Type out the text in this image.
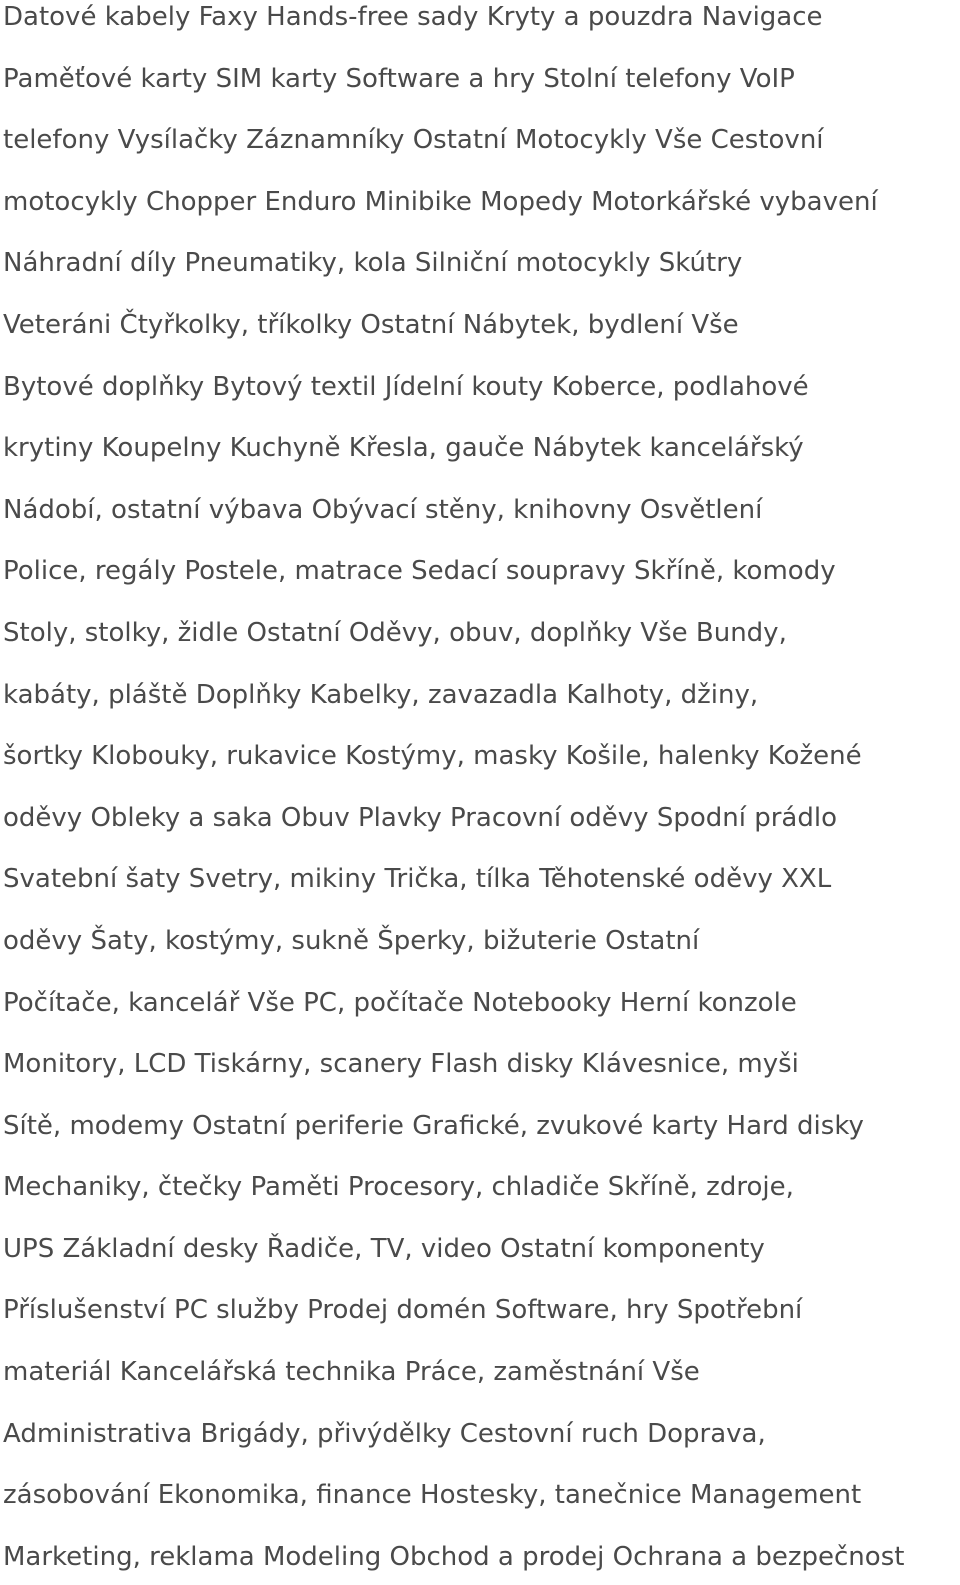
Datové kabely Faxy Hands-free sady Kryty a pouzdra Navigace
Paměťové karty SIM karty Software a hry Stolní telefony VoIP
telefony Vysílačky Záznamníky Ostatní Motocykly Vše Cestovní
motocykly Chopper Enduro Minibike Mopedy Motorkářské vybavení
Náhradní díly Pneumatiky, kola Silniční motocykly Skútry
Veteráni Čtyřkolky, tříkolky Ostatní Nábytek, bydlení Vše
Bytové doplňky Bytový textil Jídelní kouty Koberce, podlahové
krytiny Koupelny Kuchyně Křesla, gauče Nábytek kancelářský
Nádobí, ostatní výbava Obývací stěny, knihovny Osvětlení
Police, regály Postele, matrace Sedací soupravy Skříně, komody
Stoly, stolky, židle Ostatní Oděvy, obuv, doplňky Vše Bundy,
kabáty, pláště Doplňky Kabelky, zavazadla Kalhoty, džiny,
šortky Klobouky, rukavice Kostýmy, masky Košile, halenky Kožené
oděvy Obleky a saka Obuv Plavky Pracovní oděvy Spodní prádlo
Svatební šaty Svetry, mikiny Trička, tílka Těhotenské oděvy XXL
oděvy Šaty, kostýmy, sukně Šperky, bižuterie Ostatní
Počítače, kancelář Vše PC, počítače Notebooky Herní konzole
Monitory, LCD Tiskárny, scanery Flash disky Klávesnice, myši
Sítě, modemy Ostatní periferie Grafické, zvukové karty Hard disky
Mechaniky, čtečky Paměti Procesory, chladiče Skříně, zdroje,
UPS Základní desky Řadiče, TV, video Ostatní komponenty
Příslušenství PC služby Prodej domén Software, hry Spotřební
materiál Kancelářská technika Práce, zaměstnání Vše
Administrativa Brigády, přivýdělky Cestovní ruch Doprava,
zásobování Ekonomika, finance Hostesky, tanečnice Management
Marketing, reklama Modeling Obchod a prodej Ochrana a bezpečnost
